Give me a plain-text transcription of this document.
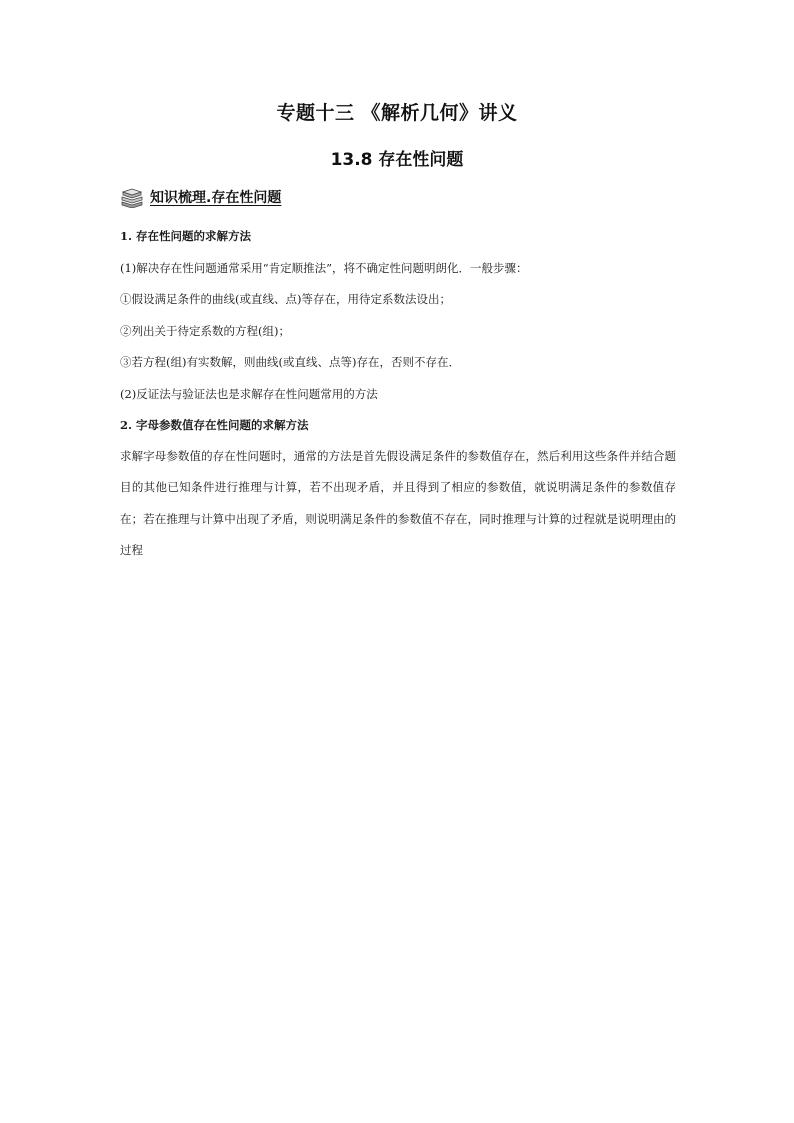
专题十三 《解析几何》讲义
13.8 存在性问题
知识梳理.存在性问题
1. 存在性问题的求解方法
(1)解决存在性问题通常采用“肯定顺推法”，将不确定性问题明朗化．一般步骤：
①假设满足条件的曲线(或直线、点)等存在，用待定系数法设出；
②列出关于待定系数的方程(组)；
③若方程(组)有实数解，则曲线(或直线、点等)存在，否则不存在．
(2)反证法与验证法也是求解存在性问题常用的方法
2. 字母参数值存在性问题的求解方法
求解字母参数值的存在性问题时，通常的方法是首先假设满足条件的参数值存在，然后利用这些条件并结合题目的其他已知条件进行推理与计算，若不出现矛盾，并且得到了相应的参数值，就说明满足条件的参数值存在；若在推理与计算中出现了矛盾，则说明满足条件的参数值不存在，同时推理与计算的过程就是说明理由的过程
